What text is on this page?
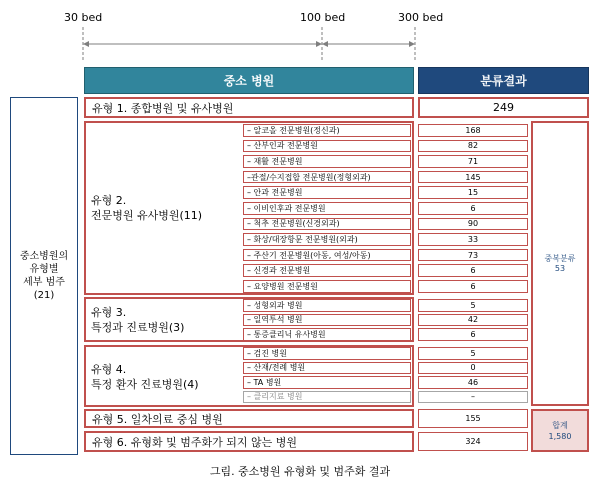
30 bed	100 bed	300 bed
중소 병원	분류결과
중소병원의
유형별
세부 범주
(21)
유형 1. 종합병원 및 유사병원	249
유형 2.
전문병원 유사병원(11)
유형 3.
특정과 진료병원(3)
유형 4.
특정 환자 진료병원(4)
– 알코올 전문병원(정신과)	168
– 산부인과 전문병원	82
– 재활 전문병원	71
–관절/수지접합 전문병원(정형외과)	145
– 안과 전문병원	15
– 이비인후과 전문병원	6
– 척추 전문병원(신경외과)	90
– 화상/대장항문 전문병원(외과)	33
– 주산기 전문병원(아동, 여성/아동)	73
– 신경과 전문병원	6
– 요양병원 전문병원	6
– 성형외과 병원	5
– 일역투석 병원	42
– 통증클리닉 유사병원	6
– 검진 병원	5
– 산재/전례 병원	0
– TA 병원	46
– 클리지료 병원	–
중복분류
53
유형 5. 일차의료 중심 병원	155
유형 6. 유형화 및 범주화가 되지 않는 병원	324
합계
1,580
그림. 중소병원 유형화 및 범주화 결과
